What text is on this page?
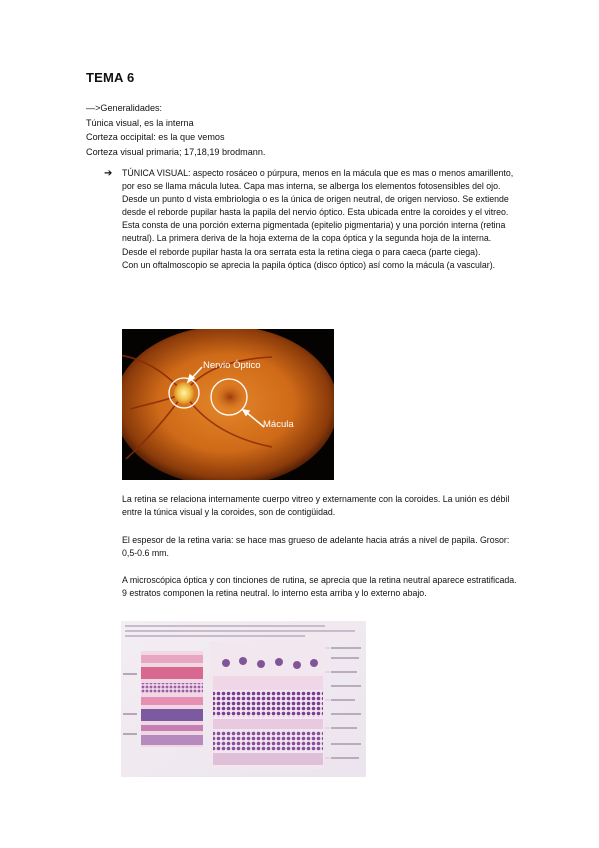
TEMA 6
—>Generalidades:
Túnica visual, es la interna
Corteza occipital: es la que vemos
Corteza visual primaria; 17,18,19 brodmann.
➔ TÚNICA VISUAL: aspecto rosáceo o púrpura, menos en la mácula que es mas o menos amarillento, por eso se llama mácula lutea. Capa mas interna, se alberga los elementos fotosensibles del ojo. Desde un punto d vista embriologia o es la única de origen neutral, de origen nervioso. Se extiende desde el reborde pupilar hasta la papila del nervio óptico. Esta ubicada entre la coroides y el vitreo. Esta consta de una porción externa pigmentada (epitelio pigmentaria) y una porción interna (retina neutral). La primera deriva de la hoja externa de la copa óptica y la segunda hoja de la interna. Desde el reborde pupilar hasta la ora serrata esta la retina ciega o para caeca (parte ciega).
Con un oftalmoscopio se aprecia la papila óptica (disco óptico) así como la mácula (a vascular).
Nervio Óptico
Mácula
La retina se relaciona internamente cuerpo vitreo y externamente con la coroides. La unión es débil entre la túnica visual y la coroides, son de contigüidad.
El espesor de la retina varia: se hace mas grueso de adelante hacia atrás a nivel de papila. Grosor: 0,5-0.6 mm.
A microscópica óptica y con tinciones de rutina, se aprecia que la retina neutral aparece estratificada. 9 estratos componen la retina neutral. lo interno esta arriba y lo externo abajo.
